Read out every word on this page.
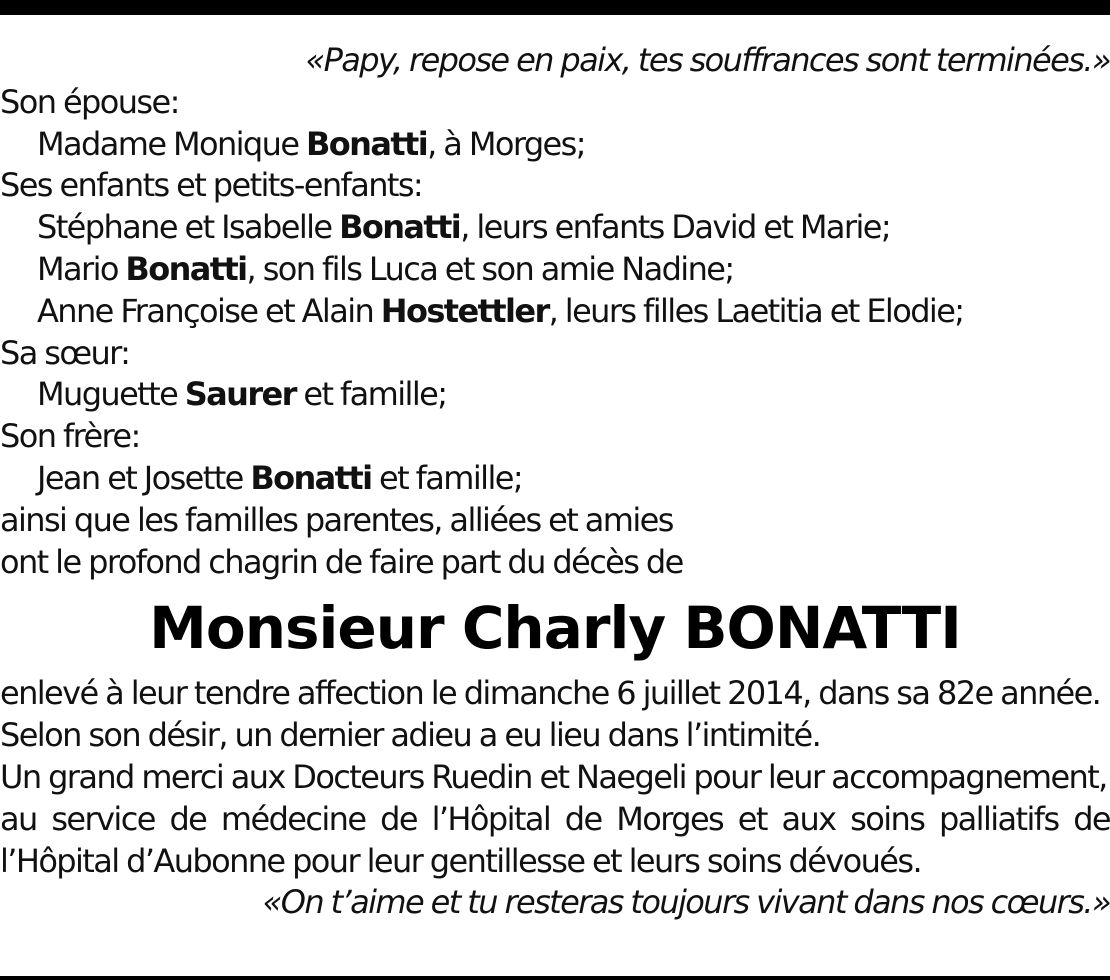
«Papy, repose en paix, tes souffrances sont terminées.»
Son épouse:
Madame Monique Bonatti, à Morges;
Ses enfants et petits-enfants:
Stéphane et Isabelle Bonatti, leurs enfants David et Marie;
Mario Bonatti, son fils Luca et son amie Nadine;
Anne Françoise et Alain Hostettler, leurs filles Laetitia et Elodie;
Sa sœur:
Muguette Saurer et famille;
Son frère:
Jean et Josette Bonatti et famille;
ainsi que les familles parentes, alliées et amies
ont le profond chagrin de faire part du décès de
Monsieur Charly BONATTI
enlevé à leur tendre affection le dimanche 6 juillet 2014, dans sa 82e année.
Selon son désir, un dernier adieu a eu lieu dans l’intimité.
Un grand merci aux Docteurs Ruedin et Naegeli pour leur accompagnement,
au service de médecine de l’Hôpital de Morges et aux soins palliatifs de
l’Hôpital d’Aubonne pour leur gentillesse et leurs soins dévoués.
«On t’aime et tu resteras toujours vivant dans nos cœurs.»
